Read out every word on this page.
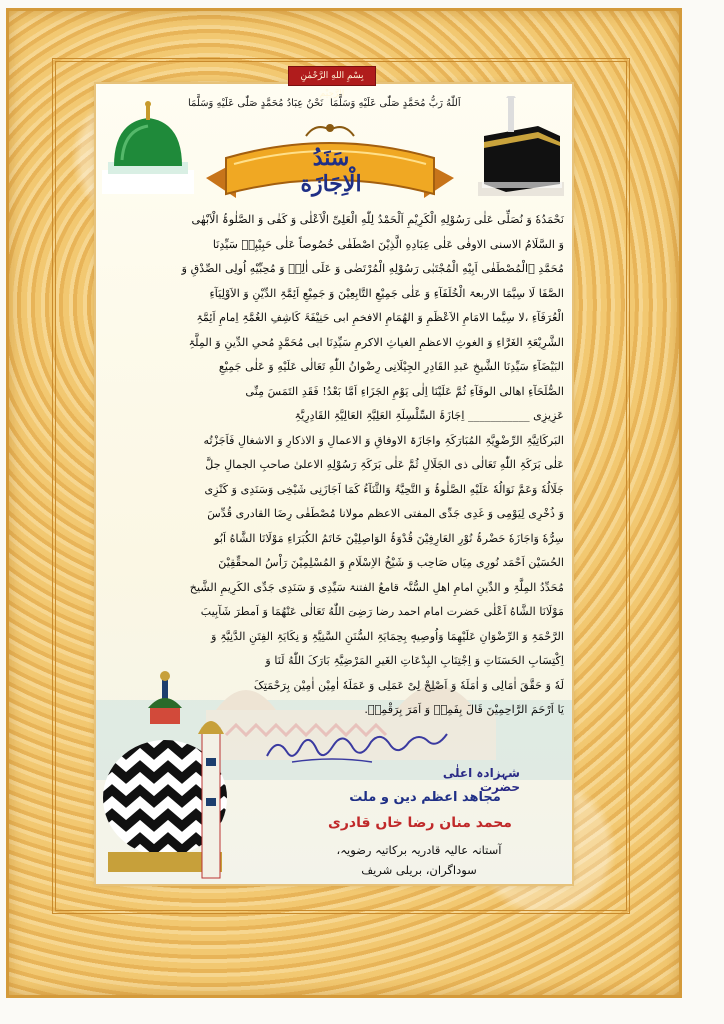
بِسْمِ اللهِ الرَّحْمٰنِ الرَّحِيْم
اَللّٰهُ رَبُّ مُحَمَّدٍ صَلّٰی عَلَیْهِ وَسَلَّمَا
نَحْنُ عِبَادُ مُحَمَّدٍ صَلّٰی عَلَیْهِ وَسَلَّمَا
سَنَدُ الْاِجَازَة

نَحْمَدُهٗ وَ نُصَلِّی عَلٰی رَسُوْلِهِ الْکَرِیْمِ اَلْحَمْدُ لِلّٰهِ الْعَلِیِّ الْاَعْلٰی وَ کَفٰی وَ الصَّلٰوۃُ الْاَبْهٰی

وَ السَّلَامُ الاسنی الاوفٰی عَلٰی عِبَادِهِ الَّذِیْنَ اصْطَفٰی خُصُوصاً عَلٰی حَبِیْبِهٖ سَیِّدِنَا

مُحَمَّدِ ۣالْمُصْطَفٰی اَبِیْهِ الْمُجْتَبٰی رَسُوْلِهِ الْمُرْتَضٰی وَ عَلَی اٰلِهٖ وَ مُحِبِّیْهِ اُولِی الصِّدْقِ وَ

الصَّفَا لَا سِیَّمَا الاربعۃ الْخُلَفَآءِ وَ عَلٰی جَمِیْعِ التَّابِعِیْنَ وَ جَمِیْعِ اَئِمَّۃِ الدِّیْنِ وَ الاَوْلِیَآءِ

الْعُرَفَآءِ ،لا سِیَّما الامَامِ الاَعْظَمِ وَ الهُمَامِ الافخمِ ابی حَنِیْفَۃَ کَاشِفِ الغُمَّۃِ اِمامِ اَئِمَّۃِ

الشَّرِیْعَۃِ الغَرَّاءِ وَ الغوثِ الاعظمِ الغیاثِ الاکرمِ سَیِّدِنَا ابی مُحَمَّدٍ مُحیِ الدِّینِ وَ المِلَّۃِ

البَیْضَآءِ سَیِّدِنَا الشَّیخِ عَبدِ القَادِرِ الجِیْلَانِی رِضْوانُ اللّٰهِ تَعَالٰی عَلَیْهِ وَ عَلٰی جَمِیْعِ

الصُّلَحَآءِ اهالی الوفَآءِ ثُمَّ عَلَیْنَا اِلٰی یَوْمِ الجَزَاءِ اَمَّا بَعْدُ! فَقَدِ التَمَسَ مِنِّی

عَزِیزِی ___________ اِجَازَۃَ السِّلْسِلَۃِ العَلِیَّۃِ العَالِیَّۃِ القَادِرِیَّۃِ

البَرکَاتِیَّۃِ الرِّضْوِیَّۃِ المُبَارَکَۃِ واجَازَۃ الاوفاقِ وَ الاعمالِ وَ الاذکارِ وَ الاشغالِ فَاَجَزْتُه

عَلٰی بَرَکَۃِ اللّٰهِ تَعَالٰی ذی الجَلَالِ ثُمَّ عَلٰی بَرَکَۃِ رَسُوْلِهِ الاعلیٰ صاحبِ الجمالِ جلَّ

جَلَالُهٗ وَعَمَّ نَوَالُهٗ عَلَیْهِ الصَّلٰوۃُ وَ التَّحِیَّۃُ وَالثَّنَآءُ کَمَا اَجَازَنِی شَیْخِی وَسَنَدِی وَ کَنْزِی

وَ ذُخْرِی لِیَوْمِی وَ غَدِی جَدِّی المفتی الاعظم مولانا مُصْطَفٰی رِضَا القادری قُدِّسَ

سِرُّهٗ وَاجَازَهٗ حَضْرۃُ نُوْرِ العَارِفِیْنَ قُدْوَۃُ الوَاصِلِیْنَ خَاتَمُ الکُبَرَاءِ مَوْلَانَا الشَّاهُ اَبُو

الحُسَیْن اَحْمَد نُورِی مِیَاں صَاحِب وَ شَیْخُ الاِسْلَامِ وَ المُسْلِمِیْنَ رَاْسُ المحقِّقِیْنَ

مُحَدِّدُ المِلَّۃِ و الدِّینِ امامِ اهلِ السُّنَّہ قامعُ الفتنۃ سَیِّدِی وَ سَنَدِی جَدِّی الکَرِیمِ الشَّیخ

مَوْلَانَا الشَّاهُ اَعْلٰی حَضرت امام احمد رضا رَضِیَ اللّٰهُ تَعَالٰی عَنْهُمَا وَ اَمطرَ شَآبِیبَ

الرَّحْمَۃِ وَ الرِّضْوَانِ عَلَیْهِمَا وَاُوصِیهٖ بِحِمَایَۃِ السُّنَنِ السَّنِیَّۃِ وَ نِکَایَۃِ الفِتَنِ الدَّنِیَّۃِ وَ

اِکْتِسَابِ الحَسَنَاتِ وَ اِجْتِنَابِ البِدْعَاتِ الغَیرِ المَرْضِیَّۃِ بَارَکَ اللّٰهُ لَنَا وَ

لَهٗ وَ حَقَّقَ اٰمَالِی وَ اٰمَلَهٗ وَ اَصْلِحْ لِیْ عَمَلِی وَ عَمَلَهٗ اٰمِیْن اٰمِیْن بِرَحْمَتِکَ

یَا اَرْحَمَ الرَّاحِمِیْنَ قَالَ بِفَمِهٖ وَ اَمَرَ بِرَقْمِهٖ.

شہزادہ اعلٰی حضرت
مجاهد اعظم دین و ملت
محمد منان رضا خاں قادری
آستانہ عالیہ قادریہ برکاتیہ رضویہ،
سوداگران، بریلی شریف
